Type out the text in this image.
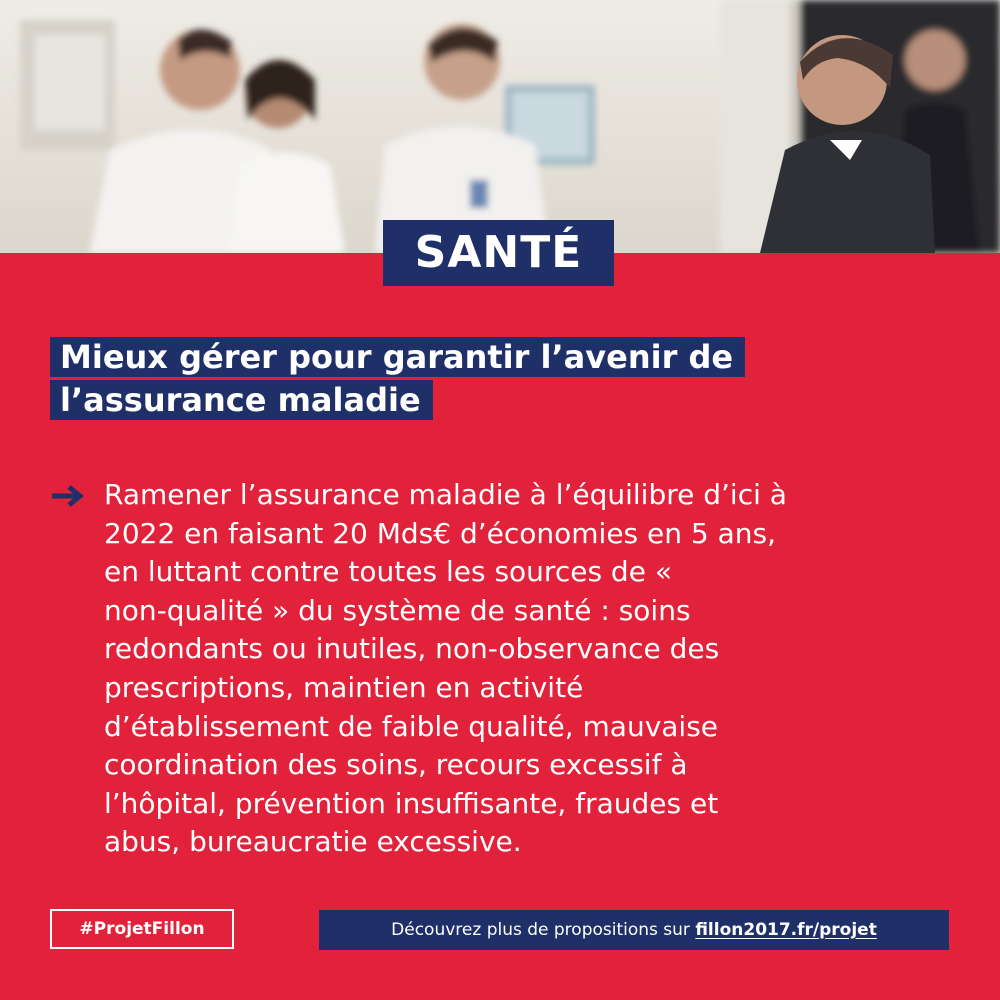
SANTÉ
Mieux gérer pour garantir l’avenir de
l’assurance maladie
Ramener l’assurance maladie à l’équilibre d’ici à
2022 en faisant 20 Mds€ d’économies en 5 ans,
en luttant contre toutes les sources de «
non-qualité » du système de santé : soins
redondants ou inutiles, non-observance des
prescriptions, maintien en activité
d’établissement de faible qualité, mauvaise
coordination des soins, recours excessif à
l’hôpital, prévention insuffisante, fraudes et
abus, bureaucratie excessive.
#ProjetFillon	Découvrez plus de propositions sur fillon2017.fr/projet
